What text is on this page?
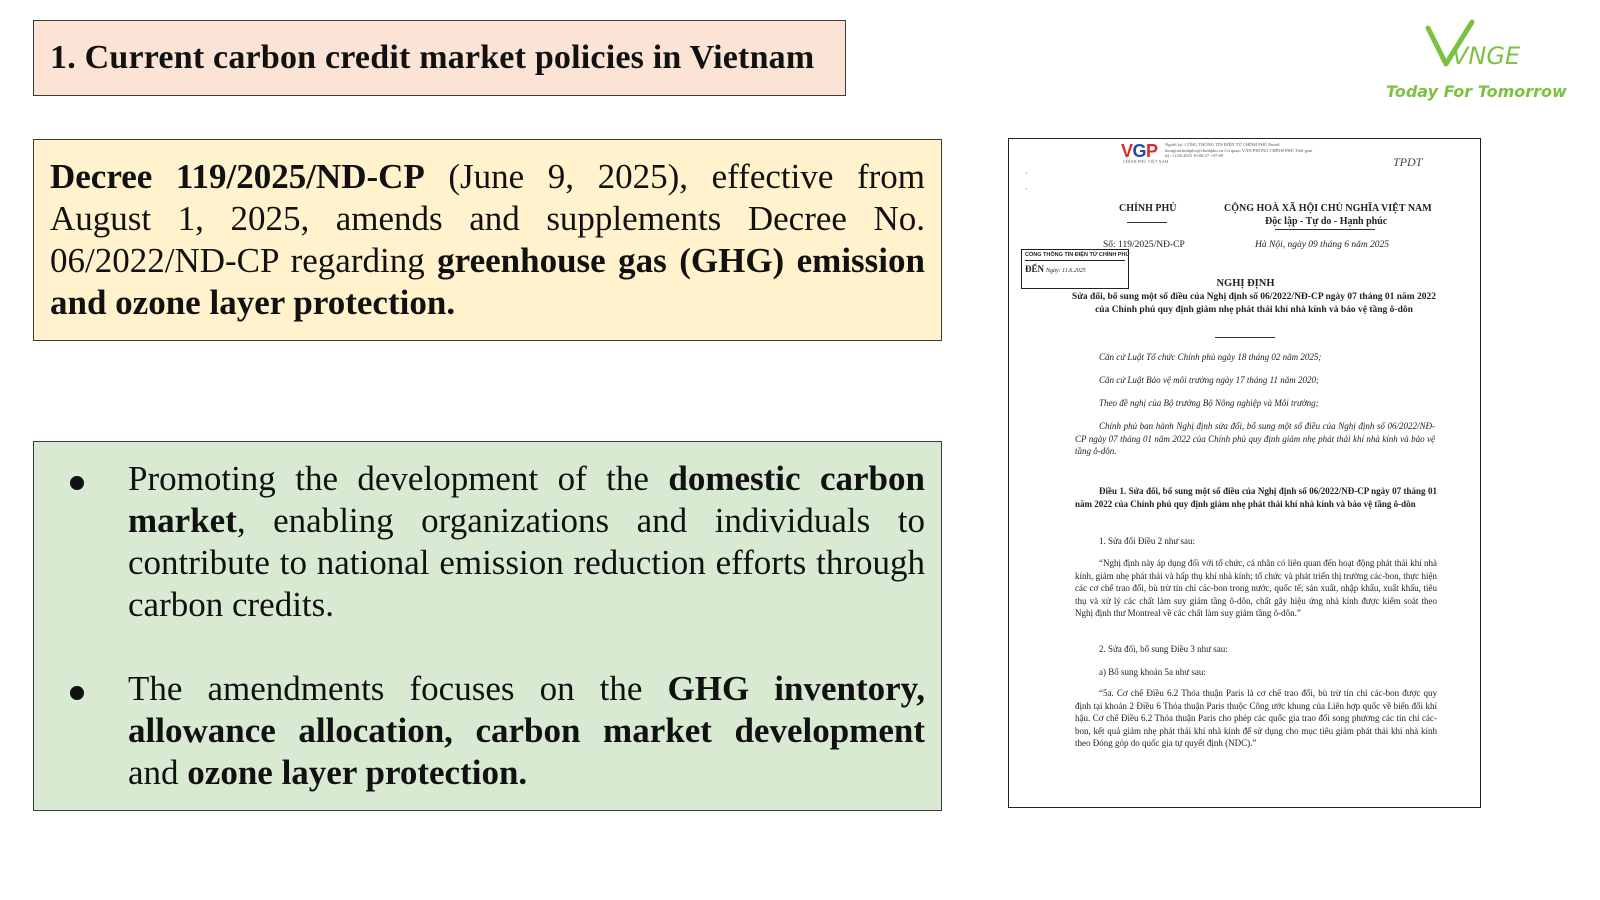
1. Current carbon credit market policies in Vietnam	VNGE
Today For Tomorrow

Decree 119/2025/ND-CP (June 9, 2025), effective from August 1, 2025, amends and supplements Decree No. 06/2022/ND-CP regarding greenhouse gas (GHG) emission and ozone layer protection.

Promoting the development of the domestic carbon market, enabling organizations and individuals to contribute to national emission reduction efforts through carbon credits.
The amendments focuses on the GHG inventory, allowance allocation, carbon market development and ozone layer protection.
VGP
CHÍNH PHỦ VIỆT NAM
Người ký: CỔNG THÔNG TIN ĐIỆN TỬ CHÍNH PHỦ Email: thongtinchinhphu@chinhphu.vn Cơ quan: VĂN PHÒNG CHÍNH PHỦ Thời gian ký: 11.06.2025 16:00:27 +07:00	TPDT
·
`
CHÍNH PHỦ	CỘNG HOÀ XÃ HỘI CHỦ NGHĨA VIỆT NAM
Độc lập - Tự do - Hạnh phúc
Số: 119/2025/NĐ-CP	Hà Nội, ngày 09 tháng 6 năm 2025
CỔNG THÔNG TIN ĐIỆN TỬ CHÍNH PHỦ
ĐẾN Ngày: 11.6.2025
NGHỊ ĐỊNH
Sửa đổi, bổ sung một số điều của Nghị định số 06/2022/NĐ-CP ngày 07 tháng 01 năm 2022 của Chính phủ quy định giảm nhẹ phát thải khí nhà kính và bảo vệ tầng ô-dôn
Căn cứ Luật Tổ chức Chính phủ ngày 18 tháng 02 năm 2025;
Căn cứ Luật Bảo vệ môi trường ngày 17 tháng 11 năm 2020;
Theo đề nghị của Bộ trưởng Bộ Nông nghiệp và Môi trường;
Chính phủ ban hành Nghị định sửa đổi, bổ sung một số điều của Nghị định số 06/2022/NĐ-CP ngày 07 tháng 01 năm 2022 của Chính phủ quy định giảm nhẹ phát thải khí nhà kính và bảo vệ tầng ô-dôn.
Điều 1. Sửa đổi, bổ sung một số điều của Nghị định số 06/2022/NĐ-CP ngày 07 tháng 01 năm 2022 của Chính phủ quy định giảm nhẹ phát thải khí nhà kính và bảo vệ tầng ô-dôn
1. Sửa đổi Điều 2 như sau:
“Nghị định này áp dụng đối với tổ chức, cá nhân có liên quan đến hoạt động phát thải khí nhà kính, giảm nhẹ phát thải và hấp thụ khí nhà kính; tổ chức và phát triển thị trường các-bon, thực hiện các cơ chế trao đổi, bù trừ tín chỉ các-bon trong nước, quốc tế; sản xuất, nhập khẩu, xuất khẩu, tiêu thụ và xử lý các chất làm suy giảm tầng ô-dôn, chất gây hiệu ứng nhà kính được kiểm soát theo Nghị định thư Montreal về các chất làm suy giảm tầng ô-dôn.”
2. Sửa đổi, bổ sung Điều 3 như sau:
a) Bổ sung khoản 5a như sau:
“5a. Cơ chế Điều 6.2 Thỏa thuận Paris là cơ chế trao đổi, bù trừ tín chỉ các-bon được quy định tại khoản 2 Điều 6 Thỏa thuận Paris thuộc Công ước khung của Liên hợp quốc về biến đổi khí hậu. Cơ chế Điều 6.2 Thỏa thuận Paris cho phép các quốc gia trao đổi song phương các tín chỉ các-bon, kết quả giảm nhẹ phát thải khí nhà kính để sử dụng cho mục tiêu giảm phát thải khí nhà kính theo Đóng góp do quốc gia tự quyết định (NDC).”
